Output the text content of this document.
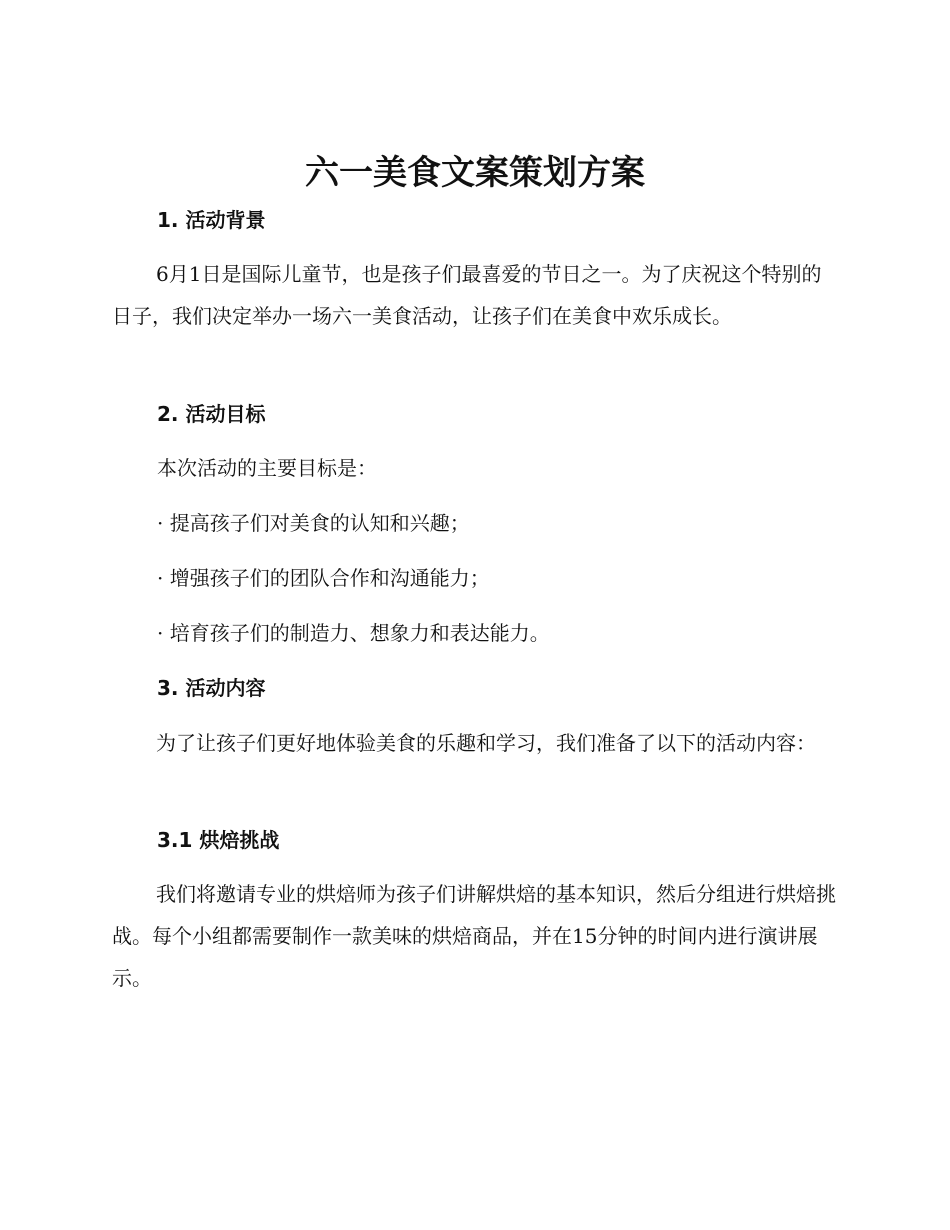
六一美食文案策划方案
1. 活动背景

6月1日是国际儿童节，也是孩子们最喜爱的节日之一。为了庆祝这个特别的日子，我们决定举办一场六一美食活动，让孩子们在美食中欢乐成长。

2. 活动目标

本次活动的主要目标是：

· 提高孩子们对美食的认知和兴趣；

· 增强孩子们的团队合作和沟通能力；

· 培育孩子们的制造力、想象力和表达能力。

3. 活动内容

为了让孩子们更好地体验美食的乐趣和学习，我们准备了以下的活动内容：

3.1 烘焙挑战

我们将邀请专业的烘焙师为孩子们讲解烘焙的基本知识，然后分组进行烘焙挑战。每个小组都需要制作一款美味的烘焙商品，并在15分钟的时间内进行演讲展示。
